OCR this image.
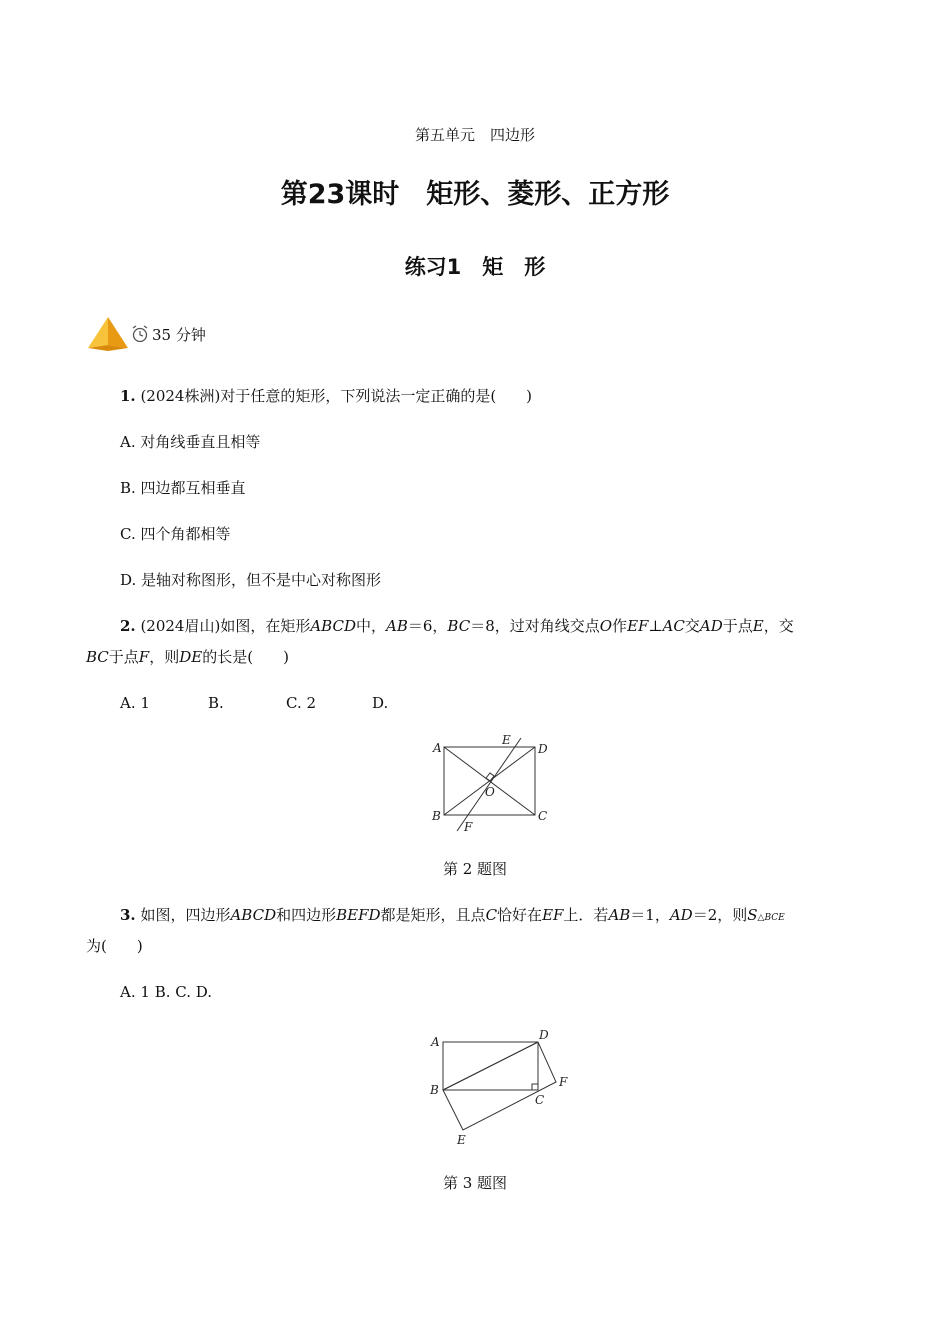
第五单元　四边形
第23课时　矩形、菱形、正方形
练习1　矩　形
35 分钟
1. (2024株洲)对于任意的矩形，下列说法一定正确的是(　　)
A. 对角线垂直且相等
B. 四边都互相垂直
C. 四个角都相等
D. 是轴对称图形，但不是中心对称图形
2. (2024眉山)如图，在矩形ABCD中，AB＝6，BC＝8，过对角线交点O作EF⊥AC交AD于点E，交
BC于点F，则DE的长是(　　)
A. 1	B.	C. 2	D.
A
E
D
O
B
F
C
第 2 题图
3. 如图，四边形ABCD和四边形BEFD都是矩形，且点C恰好在EF上．若AB＝1，AD＝2，则S△BCE
为(　　)
A. 1 B. C. D.
A	D
B
F
C
E
第 3 题图
